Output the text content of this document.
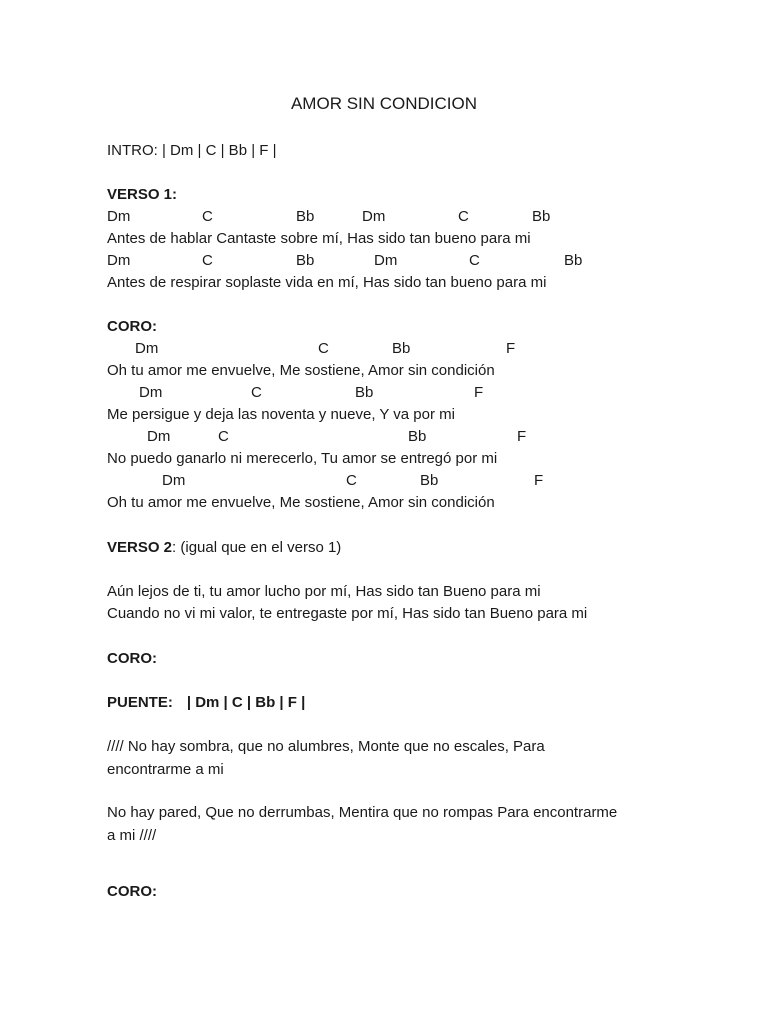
AMOR SIN CONDICION
INTRO: | Dm | C | Bb | F |
VERSO 1:
Dm	C	Bb	Dm	C	Bb
Antes de hablar Cantaste sobre mí, Has sido tan bueno para mi
Dm	C	Bb	Dm	C	Bb
Antes de respirar soplaste vida en mí, Has sido tan bueno para mi
CORO:
Dm	C	Bb	F
Oh tu amor me envuelve, Me sostiene, Amor sin condición
Dm	C	Bb	F
Me persigue y deja las noventa y nueve, Y va por mi
Dm	C	Bb	F
No puedo ganarlo ni merecerlo, Tu amor se entregó por mi
Dm	C	Bb	F
Oh tu amor me envuelve, Me sostiene, Amor sin condición
VERSO 2: (igual que en el verso 1)
Aún lejos de ti, tu amor lucho por mí, Has sido tan Bueno para mi
Cuando no vi mi valor, te entregaste por mí, Has sido tan Bueno para mi
CORO:
PUENTE: | Dm | C | Bb | F |
//// No hay sombra, que no alumbres, Monte que no escales, Para
encontrarme a mi
No hay pared, Que no derrumbas, Mentira que no rompas Para encontrarme
a mi ////
CORO:
